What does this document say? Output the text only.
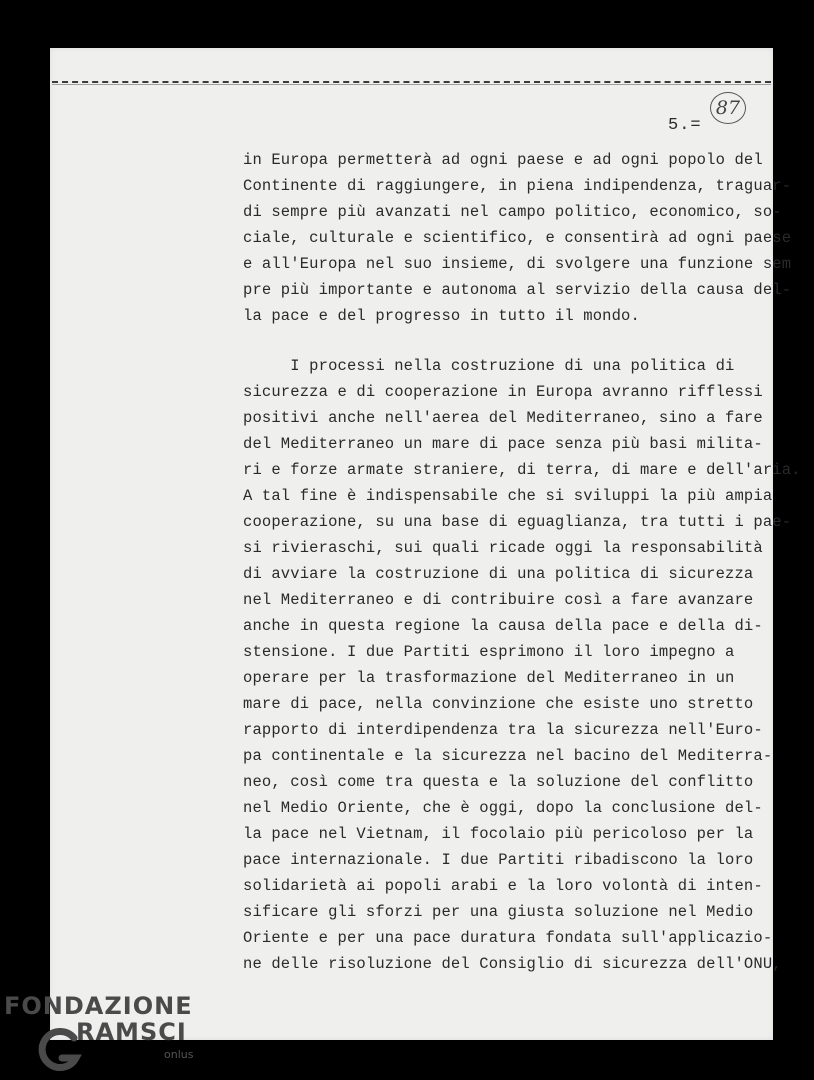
5.=
87
in Europa permetterà ad ogni paese e ad ogni popolo del
Continente di raggiungere, in piena indipendenza, traguar-
di sempre più avanzati nel campo politico, economico, so-
ciale, culturale e scientifico, e consentirà ad ogni paese
e all'Europa nel suo insieme, di svolgere una funzione sem
pre più importante e autonoma al servizio della causa del-
la pace e del progresso in tutto il mondo.
I processi nella costruzione di una politica di
sicurezza e di cooperazione in Europa avranno rifflessi
positivi anche nell'aerea del Mediterraneo, sino a fare
del Mediterraneo un mare di pace senza più basi milita-
ri e forze armate straniere, di terra, di mare e dell'aria.
A tal fine è indispensabile che si sviluppi la più ampia
cooperazione, su una base di eguaglianza, tra tutti i pae-
si rivieraschi, sui quali ricade oggi la responsabilità
di avviare la costruzione di una politica di sicurezza
nel Mediterraneo e di contribuire così a fare avanzare
anche in questa regione la causa della pace e della di-
stensione. I due Partiti esprimono il loro impegno a
operare per la trasformazione del Mediterraneo in un
mare di pace, nella convinzione che esiste uno stretto
rapporto di interdipendenza tra la sicurezza nell'Euro-
pa continentale e la sicurezza nel bacino del Mediterra-
neo, così come tra questa e la soluzione del conflitto
nel Medio Oriente, che è oggi, dopo la conclusione del-
la pace nel Vietnam, il focolaio più pericoloso per la
pace internazionale. I due Partiti ribadiscono la loro
solidarietà ai popoli arabi e la loro volontà di inten-
sificare gli sforzi per una giusta soluzione nel Medio
Oriente e per una pace duratura fondata sull'applicazio-
ne delle risoluzione del Consiglio di sicurezza dell'ONU,
FONDAZIONE
RAMSCI
onlus
